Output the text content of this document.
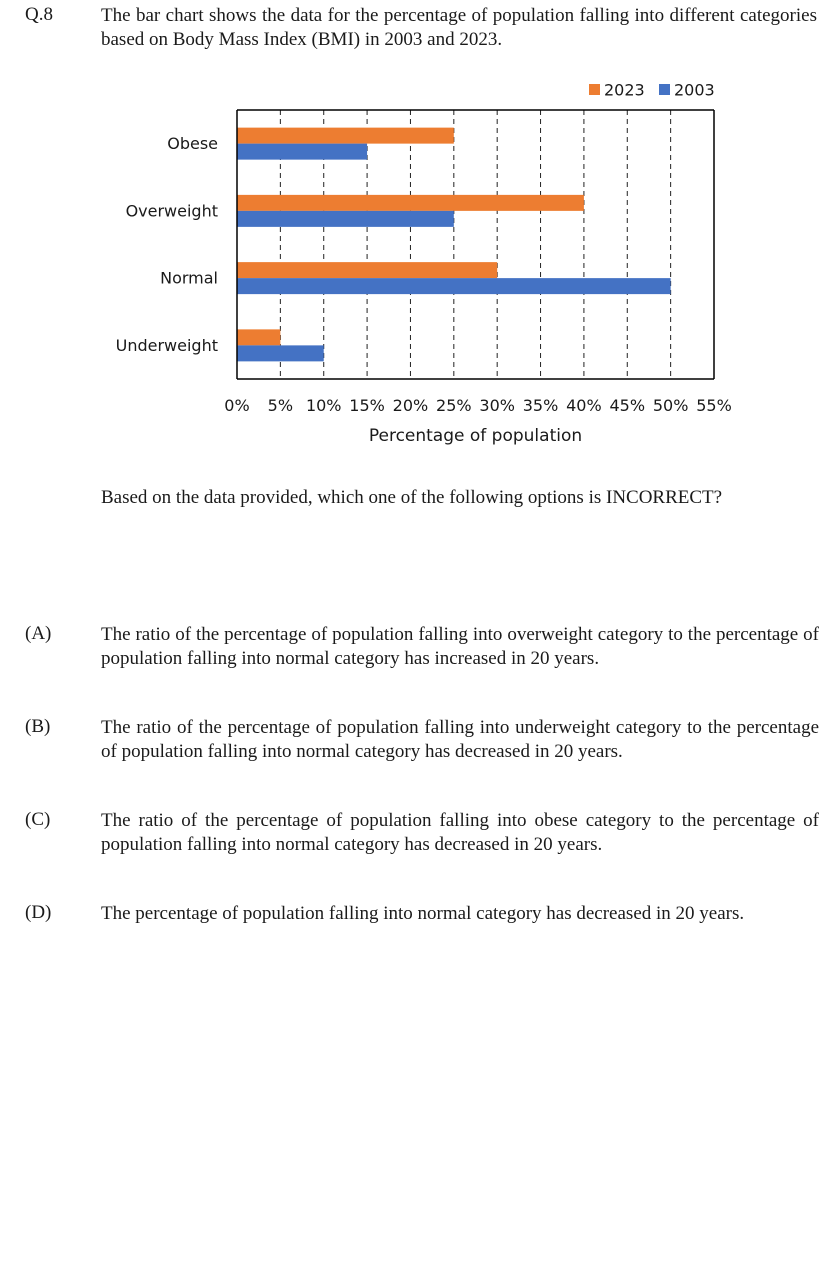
Q.8	The bar chart shows the data for the percentage of population falling into different categories based on Body Mass Index (BMI) in 2003 and 2023.
Obese
Overweight
Normal
Underweight
0% 5% 10% 15% 20% 25% 30% 35% 40% 45% 50% 55%
Percentage of population
2023 2003
Based on the data provided, which one of the following options is INCORRECT?
(A)	The ratio of the percentage of population falling into overweight category to the percentage of population falling into normal category has increased in 20 years.
(B)	The ratio of the percentage of population falling into underweight category to the percentage of population falling into normal category has decreased in 20 years.
(C)	The ratio of the percentage of population falling into obese category to the percentage of population falling into normal category has decreased in 20 years.
(D)	The percentage of population falling into normal category has decreased in 20 years.
